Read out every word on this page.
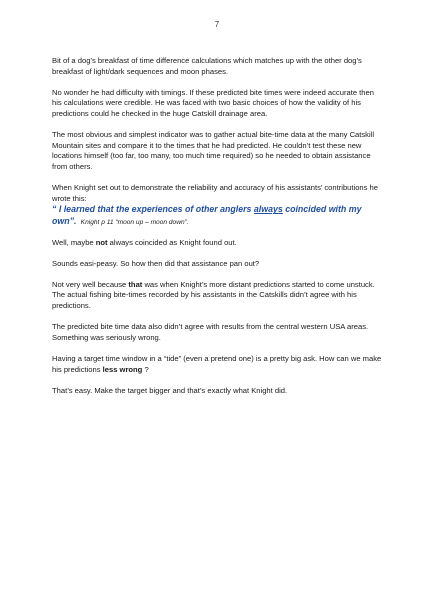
7

Bit of a dog’s breakfast of time difference calculations which matches up with the other dog’s breakfast of light/dark sequences and moon phases.

No wonder he had difficulty with timings. If these predicted bite times were indeed accurate then his calculations were credible. He was faced with two basic choices of how the validity of his predictions could he checked in the huge Catskill drainage area.

The most obvious and simplest indicator was to gather actual bite-time data at the many Catskill Mountain sites and compare it to the times that he had predicted. He couldn’t test these new locations himself (too far, too many, too much time required) so he needed to obtain assistance from others.

When Knight set out to demonstrate the reliability and accuracy of his assistants’ contributions he wrote this:

“ I learned that the experiences of other anglers always coincided with my own”. Knight p 11 “moon up – moon down”.

Well, maybe not always coincided as Knight found out.

Sounds easi-peasy. So how then did that assistance pan out?

Not very well because that was when Knight’s more distant predictions started to come unstuck. The actual fishing bite-times recorded by his assistants in the Catskills didn’t agree with his predictions.

The predicted bite time data also didn’t agree with results from the central western USA areas. Something was seriously wrong.

Having a target time window in a “tide” (even a pretend one) is a pretty big ask. How can we make his predictions less wrong ?

That’s easy. Make the target bigger and that’s exactly what Knight did.
